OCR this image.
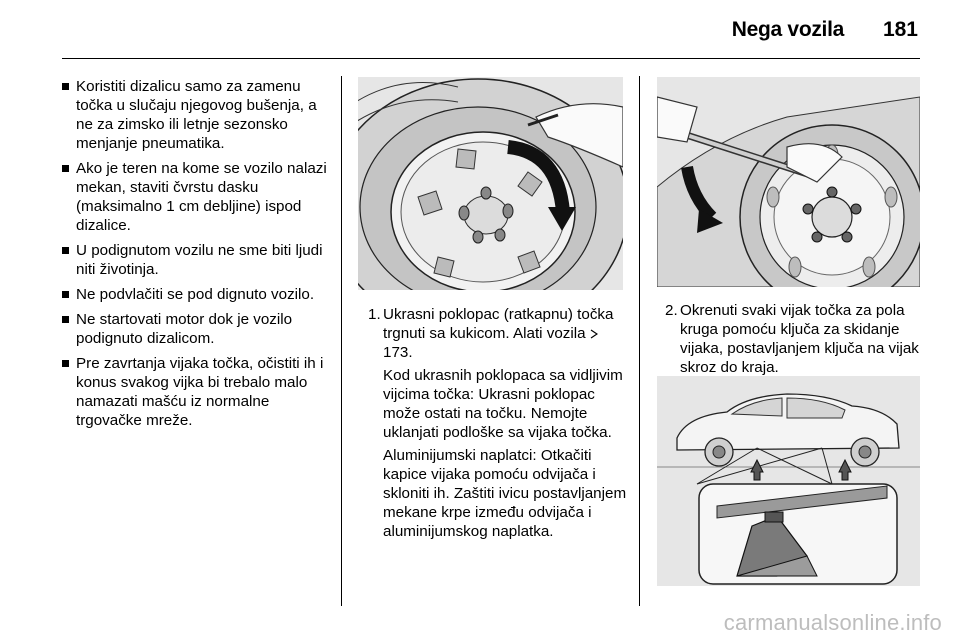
Nega vozila 181
Koristiti dizalicu samo za zamenu točka u slučaju njegovog bušenja, a ne za zimsko ili letnje sezonsko menjanje pneumatika.
Ako je teren na kome se vozilo nalazi mekan, staviti čvrstu dasku (maksimalno 1 cm debljine) ispod dizalice.
U podignutom vozilu ne sme biti ljudi niti životinja.
Ne podvlačiti se pod dignuto vozilo.
Ne startovati motor dok je vozilo podignuto dizalicom.
Pre zavrtanja vijaka točka, očistiti ih i konus svakog vijka bi trebalo malo namazati mašću iz normalne trgovačke mreže.
1. Ukrasni poklopac (ratkapnu) točka trgnuti sa kukicom. Alati vozila  173.

Kod ukrasnih poklopaca sa vidljivim vijcima točka: Ukrasni poklopac može ostati na točku. Nemojte uklanjati podloške sa vijaka točka.

Aluminijumski naplatci: Otkačiti kapice vijaka pomoću odvijača i skloniti ih. Zaštiti ivicu postavljanjem mekane krpe između odvijača i aluminijumskog naplatka.

2. Okrenuti svaki vijak točka za pola kruga pomoću ključa za skidanje vijaka, postavljanjem ključa na vijak skroz do kraja.

carmanualsonline.info
